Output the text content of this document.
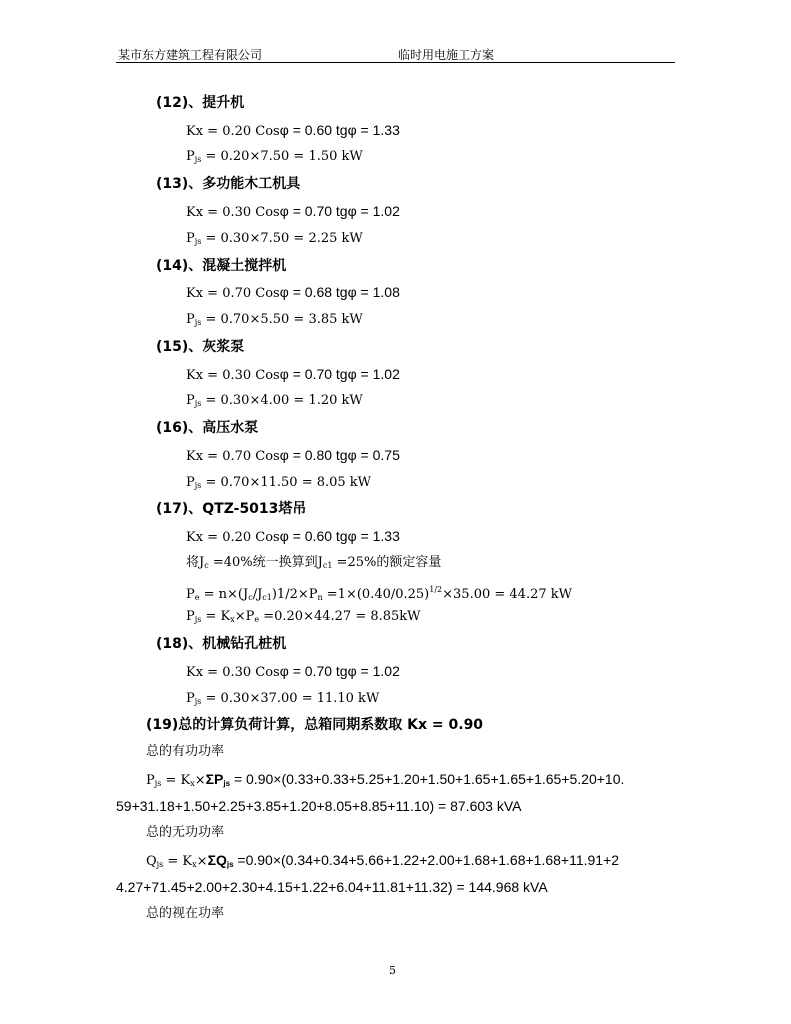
某市东方建筑工程有限公司	临时用电施工方案
(12)、提升机
Kx = 0.20 Cosφ = 0.60 tgφ = 1.33
$P_{js} = 0.20\times 7.50 = 1.50$ kW
(13)、多功能木工机具
Kx = 0.30 Cosφ = 0.70 tgφ = 1.02
$P_{js} = 0.30\times 7.50 = 2.25$ kW
(14)、混凝土搅拌机
Kx = 0.70 Cosφ = 0.68 tgφ = 1.08
$P_{js} = 0.70\times 5.50 = 3.85$ kW
(15)、灰浆泵
Kx = 0.30 Cosφ = 0.70 tgφ = 1.02
$P_{js} = 0.30\times 4.00 = 1.20$ kW
(16)、高压水泵
Kx = 0.70 Cosφ = 0.80 tgφ = 0.75
$P_{js} = 0.70\times 11.50 = 8.05$ kW
(17)、QTZ-5013塔吊
Kx = 0.20 Cosφ = 0.60 tgφ = 1.33
将$J_c =40\%$统一换算到$J_{c1} =25\%$的额定容量
$P_e = n\times(J_c/J_{c1})1/2\times P_n =1\times(0.40/0.25)^{1/2}\times 35.00 = 44.27$ kW
$P_{js} = K_x\times P_e =0.20\times 44.27 = 8.85kW$
(18)、机械钻孔桩机
Kx = 0.30 Cosφ = 0.70 tgφ = 1.02
$P_{js} = 0.30\times 37.00 = 11.10$ kW
(19)总的计算负荷计算，总箱同期系数取 Kx = 0.90
总的有功功率
$P_{js} = K_x\times\Sigma P_{js} = 0.90\times(0.33+0.33+5.25+1.20+1.50+1.65+1.65+1.65+5.20+10$.
59+31.18+1.50+2.25+3.85+1.20+8.05+8.85+11.10) = 87.603 kVA
总的无功功率
$Q_{js} = K_x\times\Sigma Q_{js} =0.90\times(0.34+0.34+5.66+1.22+2.00+1.68+1.68+1.68+11.91+2$
4.27+71.45+2.00+2.30+4.15+1.22+6.04+11.81+11.32) = 144.968 kVA
总的视在功率
5
